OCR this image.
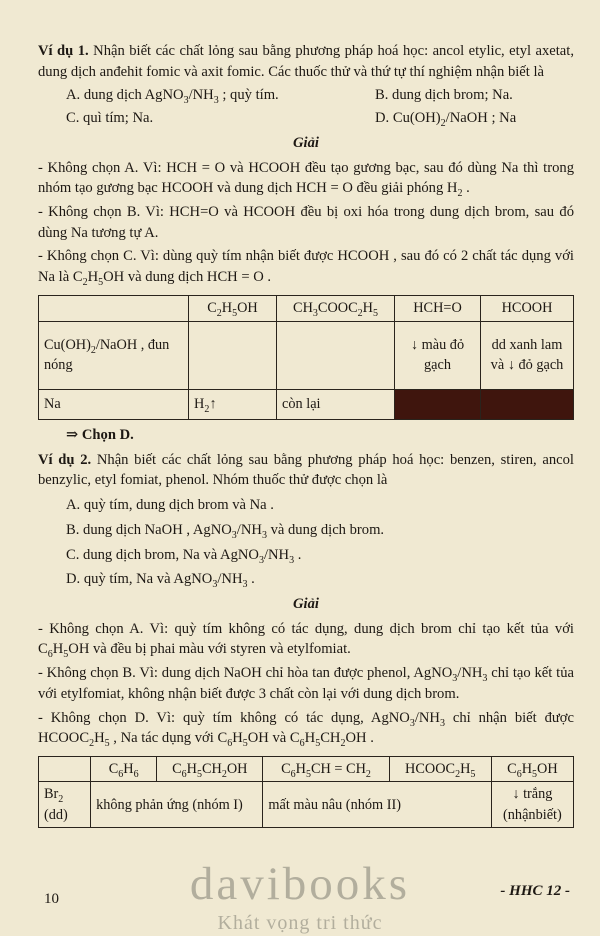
Ví dụ 1. Nhận biết các chất lỏng sau bằng phương pháp hoá học: ancol etylic, etyl axetat, dung dịch anđehit fomic và axit fomic. Các thuốc thử và thứ tự thí nghiệm nhận biết là

A. dung dịch $AgNO_3/NH_3$ ; quỳ tím.	B. dung dịch brom; Na.
C. quì tím; Na.	D. $Cu(OH)_2$/NaOH ; Na

Giải

- Không chọn A. Vì: HCH = O và HCOOH đều tạo gương bạc, sau đó dùng Na thì trong nhóm tạo gương bạc HCOOH và dung dịch HCH = O đều giải phóng $H_2$ .

- Không chọn B. Vì: HCH=O và HCOOH đều bị oxi hóa trong dung dịch brom, sau đó dùng Na tương tự A.

- Không chọn C. Vì: dùng quỳ tím nhận biết được HCOOH , sau đó có 2 chất tác dụng với Na là $C_2H_5OH$ và dung dịch HCH = O .

	$C_2H_5OH$	$CH_3COOC_2H_5$	HCH=O	HCOOH
$Cu(OH)_2$/NaOH , đun nóng			↓ màu đỏ gạch	dd xanh lam và ↓ đỏ gạch
Na	$H_2↑$	còn lại		

⇒ Chọn D.

Ví dụ 2. Nhận biết các chất lỏng sau bằng phương pháp hoá học: benzen, stiren, ancol benzylic, etyl fomiat, phenol. Nhóm thuốc thử được chọn là

A. quỳ tím, dung dịch brom và Na .

B. dung dịch NaOH , $AgNO_3/NH_3$ và dung dịch brom.

C. dung dịch brom, Na và $AgNO_3/NH_3$ .

D. quỳ tím, Na và $AgNO_3/NH_3$ .

Giải

- Không chọn A. Vì: quỳ tím không có tác dụng, dung dịch brom chỉ tạo kết tủa với $C_6H_5OH$ và đều bị phai màu với styren và etylfomiat.

- Không chọn B. Vì: dung dịch NaOH chỉ hòa tan được phenol, $AgNO_3/NH_3$ chỉ tạo kết tủa với etylfomiat, không nhận biết được 3 chất còn lại với dung dịch brom.

- Không chọn D. Vì: quỳ tím không có tác dụng, $AgNO_3/NH_3$ chỉ nhận biết được $HCOOC_2H_5$ , Na tác dụng với $C_6H_5OH$ và $C_6H_5CH_2OH$ .

	$C_6H_6$	$C_6H_5CH_2OH$	$C_6H_5CH = CH_2$	$HCOOC_2H_5$	$C_6H_5OH$
$Br_2$ (dd)	không phản ứng (nhóm I)		mất màu nâu (nhóm II)		↓ trắng (nhậnbiết)
davibooks
Khát vọng tri thức
10	- HHC 12 -
